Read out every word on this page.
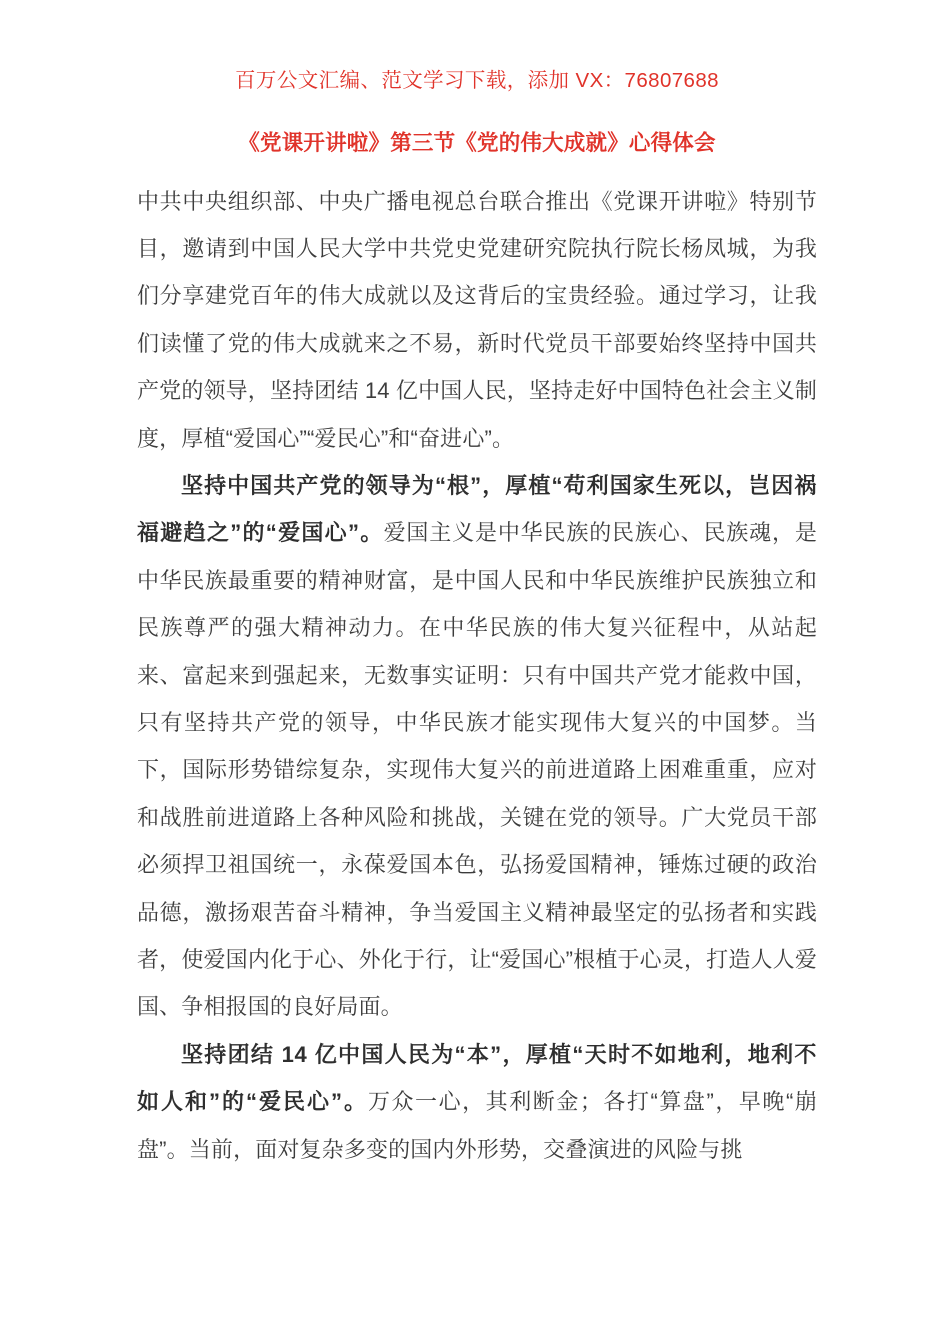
百万公文汇编、范文学习下载，添加 VX：76807688
《党课开讲啦》第三节《党的伟大成就》心得体会

中共中央组织部、中央广播电视总台联合推出《党课开讲啦》特别节目，邀请到中国人民大学中共党史党建研究院执行院长杨凤城，为我们分享建党百年的伟大成就以及这背后的宝贵经验。通过学习，让我们读懂了党的伟大成就来之不易，新时代党员干部要始终坚持中国共产党的领导，坚持团结 14 亿中国人民，坚持走好中国特色社会主义制度，厚植“爱国心”“爱民心”和“奋进心”。

坚持中国共产党的领导为“根”，厚植“苟利国家生死以，岂因祸福避趋之”的“爱国心”。爱国主义是中华民族的民族心、民族魂，是中华民族最重要的精神财富，是中国人民和中华民族维护民族独立和民族尊严的强大精神动力。在中华民族的伟大复兴征程中，从站起来、富起来到强起来，无数事实证明：只有中国共产党才能救中国，只有坚持共产党的领导，中华民族才能实现伟大复兴的中国梦。当下，国际形势错综复杂，实现伟大复兴的前进道路上困难重重，应对和战胜前进道路上各种风险和挑战，关键在党的领导。广大党员干部必须捍卫祖国统一，永葆爱国本色，弘扬爱国精神，锤炼过硬的政治品德，激扬艰苦奋斗精神，争当爱国主义精神最坚定的弘扬者和实践者，使爱国内化于心、外化于行，让“爱国心”根植于心灵，打造人人爱国、争相报国的良好局面。

坚持团结 14 亿中国人民为“本”，厚植“天时不如地利，地利不如人和”的“爱民心”。万众一心，其利断金；各打“算盘”，早晚“崩盘”。当前，面对复杂多变的国内外形势，交叠演进的风险与挑
